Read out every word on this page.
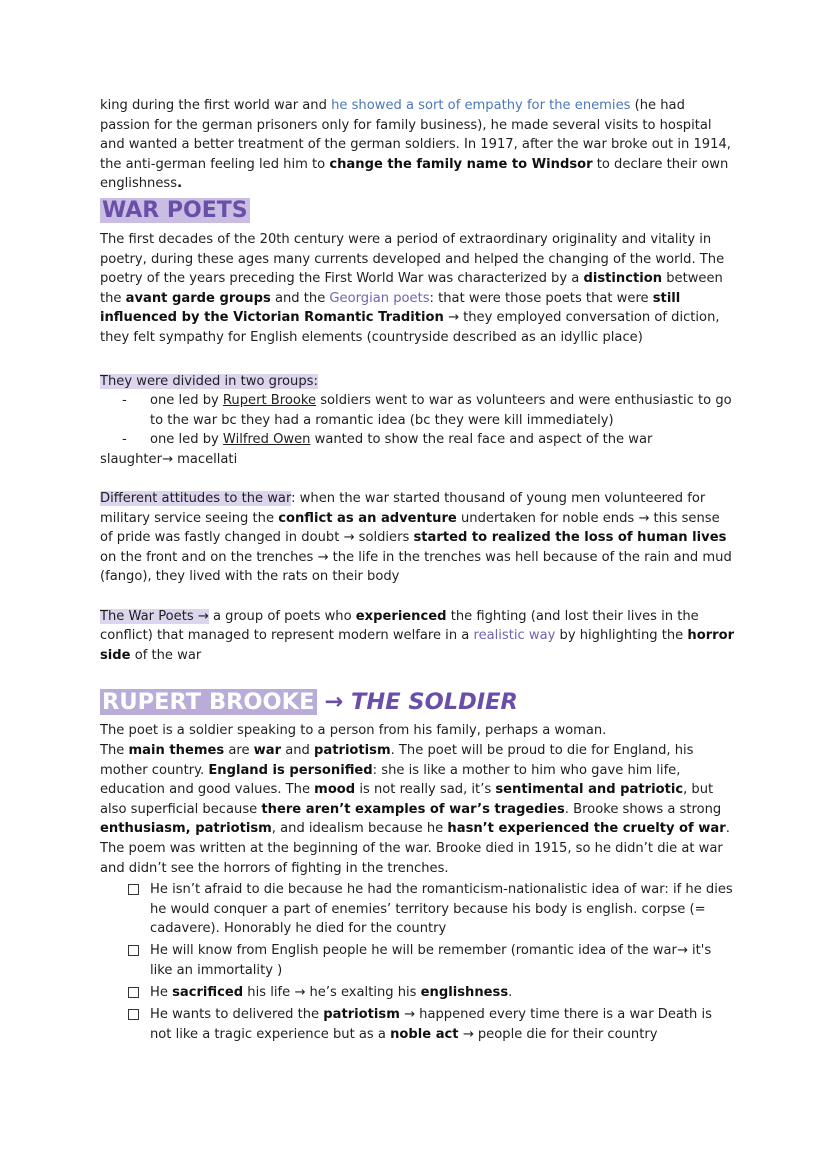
king during the first world war and he showed a sort of empathy for the enemies (he had passion for the german prisoners only for family business), he made several visits to hospital and wanted a better treatment of the german soldiers. In 1917, after the war broke out in 1914, the anti-german feeling led him to change the family name to Windsor to declare their own englishness.

WAR POETS

The first decades of the 20th century were a period of extraordinary originality and vitality in poetry, during these ages many currents developed and helped the changing of the world. The poetry of the years preceding the First World War was characterized by a distinction between the avant garde groups and the Georgian poets: that were those poets that were still influenced by the Victorian Romantic Tradition → they employed conversation of diction, they felt sympathy for English elements (countryside described as an idyllic place)

They were divided in two groups:

- one led by Rupert Brooke soldiers went to war as volunteers and were enthusiastic to go to the war bc they had a romantic idea (bc they were kill immediately)
- one led by Wilfred Owen wanted to show the real face and aspect of the war

slaughter→ macellati

Different attitudes to the war: when the war started thousand of young men volunteered for military service seeing the conflict as an adventure undertaken for noble ends → this sense of pride was fastly changed in doubt → soldiers started to realized the loss of human lives on the front and on the trenches → the life in the trenches was hell because of the rain and mud (fango), they lived with the rats on their body

The War Poets → a group of poets who experienced the fighting (and lost their lives in the conflict) that managed to represent modern welfare in a realistic way by highlighting the horror side of the war

RUPERT BROOKE → THE SOLDIER

The poet is a soldier speaking to a person from his family, perhaps a woman.

The main themes are war and patriotism. The poet will be proud to die for England, his mother country. England is personified: she is like a mother to him who gave him life, education and good values. The mood is not really sad, it’s sentimental and patriotic, but also superficial because there aren’t examples of war’s tragedies. Brooke shows a strong enthusiasm, patriotism, and idealism because he hasn’t experienced the cruelty of war. The poem was written at the beginning of the war. Brooke died in 1915, so he didn’t die at war and didn’t see the horrors of fighting in the trenches.

He isn’t afraid to die because he had the romanticism-nationalistic idea of war: if he dies he would conquer a part of enemies’ territory because his body is english. corpse (= cadavere). Honorably he died for the country
He will know from English people he will be remember (romantic idea of the war→ it's like an immortality )
He sacrificed his life → he’s exalting his englishness.
He wants to delivered the patriotism → happened every time there is a war Death is not like a tragic experience but as a noble act → people die for their country
